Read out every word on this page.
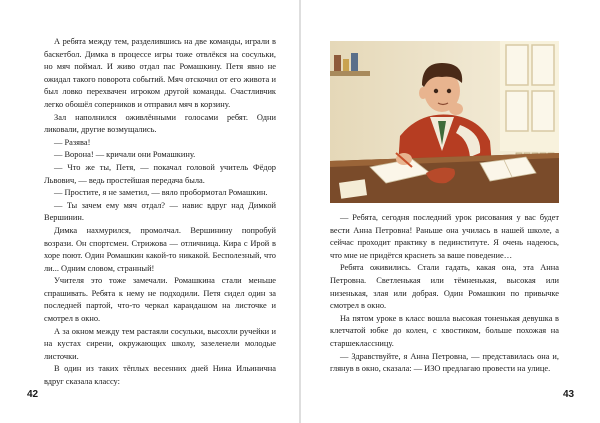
А ребята между тем, разделившись на две команды, играли в баскетбол. Димка в процессе игры тоже отвлёкся на сосульки, но мяч поймал. И живо отдал пас Ромашкину. Петя явно не ожидал такого поворота событий. Мяч отскочил от его живота и был ловко перехвачен игроком другой команды. Счастливчик легко обошёл соперников и отправил мяч в корзину.

Зал наполнился оживлёнными голосами ребят. Одни ликовали, другие возмущались.

— Разява!

— Ворона! — кричали они Ромашкину.

— Что же ты, Петя, — покачал головой учитель Фёдор Львович, — ведь простейшая передача была.

— Простите, я не заметил, — вяло пробормотал Ромашкин.

— Ты зачем ему мяч отдал? — навис вдруг над Димкой Вершинин.

Димка нахмурился, промолчал. Вершинину попробуй возрази. Он спортсмен. Стрижова — отличница. Кира с Ирой в хоре поют. Один Ромашкин какой-то никакой. Бесполезный, что ли... Одним словом, странный!

Учителя это тоже замечали. Ромашкина стали меньше спрашивать. Ребята к нему не подходили. Петя сидел один за последней партой, что-то черкал карандашом на листочке и смотрел в окно.

А за окном между тем растаяли сосульки, высохли ручейки и на кустах сирени, окружающих школу, зазеленели молодые листочки.

В один из таких тёплых весенних дней Нина Ильинична вдруг сказала классу:

42

— Ребята, сегодня последний урок рисования у вас будет вести Анна Петровна! Раньше она училась в нашей школе, а сейчас проходит практику в пединституте. Я очень надеюсь, что мне не придётся краснеть за ваше поведение…

Ребята оживились. Стали гадать, какая она, эта Анна Петровна. Светленькая или тёмненькая, высокая или низенькая, злая или добрая. Один Ромашкин по привычке смотрел в окно.

На пятом уроке в класс вошла высокая тоненькая девушка в клетчатой юбке до колен, с хвостиком, больше похожая на старшеклассницу.

— Здравствуйте, я Анна Петровна, — представилась она и, глянув в окно, сказала: — ИЗО предлагаю провести на улице.

43
